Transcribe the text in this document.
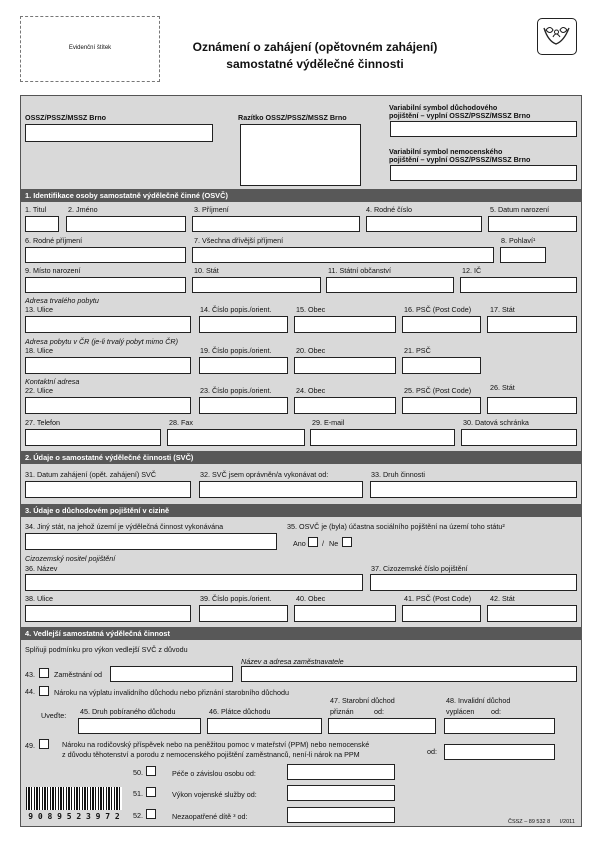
Evidenční štítek	Oznámení o zahájení (opětovném zahájení)
samostatné výdělečné činnosti
OSSZ/PSSZ/MSSZ Brno	Razítko OSSZ/PSSZ/MSSZ Brno
Variabilní symbol důchodového
pojištění – vyplní OSSZ/PSSZ/MSSZ Brno
Variabilní symbol nemocenského
pojištění – vyplní OSSZ/PSSZ/MSSZ Brno
1. Identifikace osoby samostatně výdělečně činné (OSVČ)
1. Titul	2. Jméno	3. Příjmení	4. Rodné číslo	5. Datum narození
6. Rodné příjmení	7. Všechna dřívější příjmení	8. Pohlaví¹
9. Místo narození	10. Stát	11. Státní občanství	12. IČ
Adresa trvalého pobytu
13. Ulice	14. Číslo popis./orient.	15. Obec	16. PSČ (Post Code)	17. Stát
Adresa pobytu v ČR (je-li trvalý pobyt mimo ČR)
18. Ulice	19. Číslo popis./orient.	20. Obec	21. PSČ
Kontaktní adresa
22. Ulice	23. Číslo popis./orient.	24. Obec	25. PSČ (Post Code)	26. Stát
27. Telefon	28. Fax	29. E-mail	30. Datová schránka
2. Údaje o samostatné výdělečné činnosti (SVČ)
31. Datum zahájení (opět. zahájení) SVČ	32. SVČ jsem oprávněn/a vykonávat od:	33. Druh činnosti
3. Údaje o důchodovém pojištění v cizině
34. Jiný stát, na jehož území je výdělečná činnost vykonávána	35. OSVČ je (byla) účastna sociálního pojištění na území toho státu²
Ano / Ne
Cizozemský nositel pojištění
36. Název	37. Cizozemské číslo pojištění
38. Ulice	39. Číslo popis./orient.	40. Obec	41. PSČ (Post Code)	42. Stát
4. Vedlejší samostatná výdělečná činnost
Splňuji podmínku pro výkon vedlejší SVČ z důvodu
Název a adresa zaměstnavatele
43.	Zaměstnání od
44.	Nároku na výplatu invalidního důchodu nebo přiznání starobního důchodu
Uveďte: 45. Druh pobíraného důchodu	46. Plátce důchodu
47. Starobní důchod
přiznán	od:
48. Invalidní důchod
vyplácen od:
49.	Nároku na rodičovský příspěvek nebo na peněžitou pomoc v mateřství (PPM) nebo nemocenské
z důvodu těhotenství a porodu z nemocenského pojištění zaměstnanců, není-li nárok na PPM	od:
9 0 8 9 5 2 3 9 7 2
50.	Péče o závislou osobu od:
51.	Výkon vojenské služby od:
52.	Nezaopatřené dítě ³ od:
ČSSZ – 89 532 8 I/2011
